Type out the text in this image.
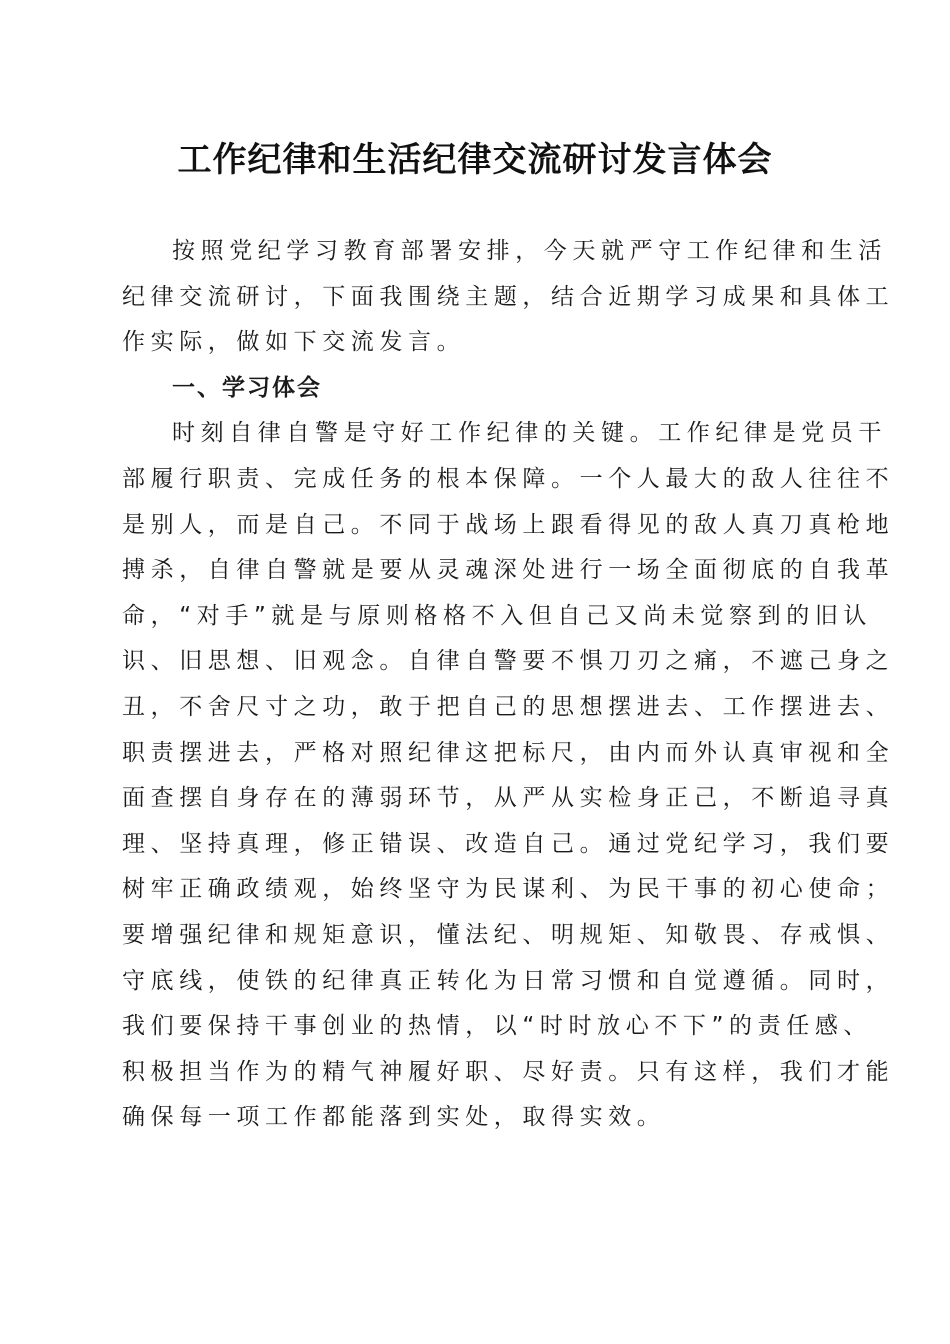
工作纪律和生活纪律交流研讨发言体会
按照党纪学习教育部署安排，今天就严守工作纪律和生活
纪律交流研讨，下面我围绕主题，结合近期学习成果和具体工
作实际，做如下交流发言。
一、学习体会
时刻自律自警是守好工作纪律的关键。工作纪律是党员干
部履行职责、完成任务的根本保障。一个人最大的敌人往往不
是别人，而是自己。不同于战场上跟看得见的敌人真刀真枪地
搏杀，自律自警就是要从灵魂深处进行一场全面彻底的自我革
命，“对手”就是与原则格格不入但自己又尚未觉察到的旧认
识、旧思想、旧观念。自律自警要不惧刀刃之痛，不遮己身之
丑，不舍尺寸之功，敢于把自己的思想摆进去、工作摆进去、
职责摆进去，严格对照纪律这把标尺，由内而外认真审视和全
面查摆自身存在的薄弱环节，从严从实检身正己，不断追寻真
理、坚持真理，修正错误、改造自己。通过党纪学习，我们要
树牢正确政绩观，始终坚守为民谋利、为民干事的初心使命；
要增强纪律和规矩意识，懂法纪、明规矩、知敬畏、存戒惧、
守底线，使铁的纪律真正转化为日常习惯和自觉遵循。同时，
我们要保持干事创业的热情，以“时时放心不下”的责任感、
积极担当作为的精气神履好职、尽好责。只有这样，我们才能
确保每一项工作都能落到实处，取得实效。
